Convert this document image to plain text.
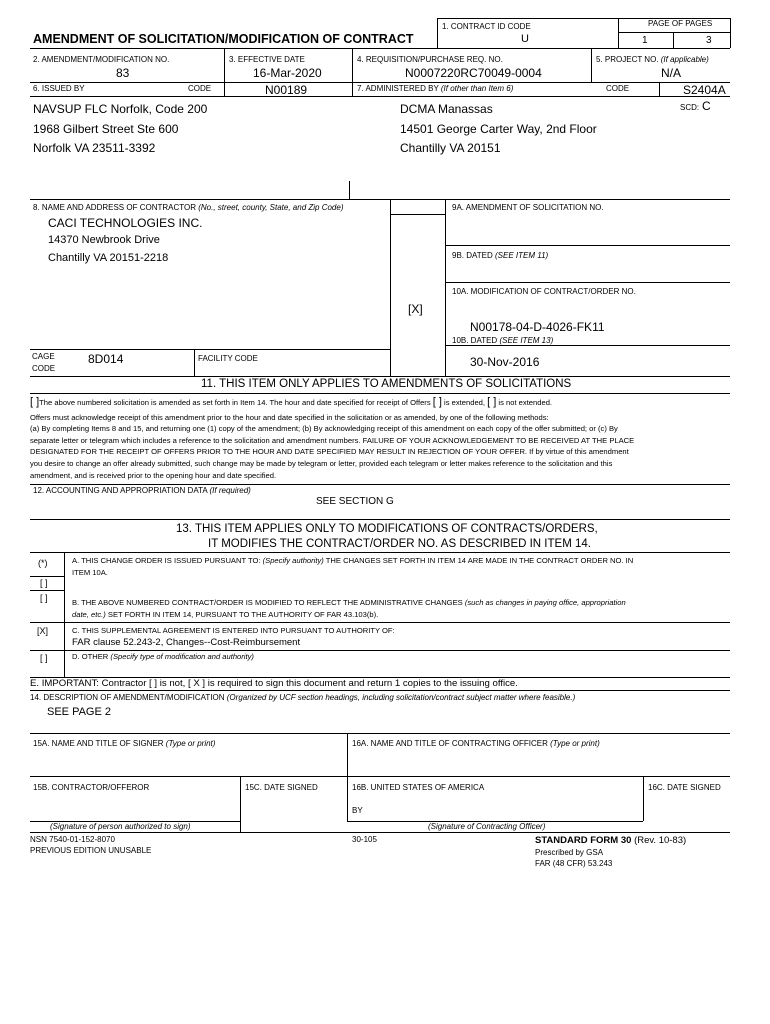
AMENDMENT OF SOLICITATION/MODIFICATION OF CONTRACT
1. CONTRACT ID CODE
U
PAGE OF PAGES
1	3
2. AMENDMENT/MODIFICATION NO.
83
3. EFFECTIVE DATE
16-Mar-2020
4. REQUISITION/PURCHASE REQ. NO.
N0007220RC70049-0004
5. PROJECT NO. (If applicable)
N/A
6. ISSUED BY	CODE	N00189	7. ADMINISTERED BY (If other than Item 6)	CODE	S2404A
SCD: C
NAVSUP FLC Norfolk, Code 200
1968 Gilbert Street Ste 600
Norfolk VA 23511-3392
DCMA Manassas
14501 George Carter Way, 2nd Floor
Chantilly VA 20151
8. NAME AND ADDRESS OF CONTRACTOR (No., street, county, State, and Zip Code)
CACI TECHNOLOGIES INC.
14370 Newbrook Drive
Chantilly VA 20151-2218
[X]
CAGE
CODE
8D014	FACILITY CODE
9A. AMENDMENT OF SOLICITATION NO.
9B. DATED (SEE ITEM 11)
10A. MODIFICATION OF CONTRACT/ORDER NO.
N00178-04-D-4026-FK11
10B. DATED (SEE ITEM 13)
30-Nov-2016
11. THIS ITEM ONLY APPLIES TO AMENDMENTS OF SOLICITATIONS
[ ]The above numbered solicitation is amended as set forth in Item 14. The hour and date specified for receipt of Offers [ ] is extended, [ ] is not extended.
Offers must acknowledge receipt of this amendment prior to the hour and date specified in the solicitation or as amended, by one of the following methods:
(a) By completing Items 8 and 15, and returning one (1) copy of the amendment; (b) By acknowledging receipt of this amendment on each copy of the offer submitted; or (c) By
separate letter or telegram which includes a reference to the solicitation and amendment numbers. FAILURE OF YOUR ACKNOWLEDGEMENT TO BE RECEIVED AT THE PLACE
DESIGNATED FOR THE RECEIPT OF OFFERS PRIOR TO THE HOUR AND DATE SPECIFIED MAY RESULT IN REJECTION OF YOUR OFFER. If by virtue of this amendment
you desire to change an offer already submitted, such change may be made by telegram or letter, provided each telegram or letter makes reference to the solicitation and this
amendment, and is received prior to the opening hour and date specified.
12. ACCOUNTING AND APPROPRIATION DATA (If required)
SEE SECTION G
13. THIS ITEM APPLIES ONLY TO MODIFICATIONS OF CONTRACTS/ORDERS,
IT MODIFIES THE CONTRACT/ORDER NO. AS DESCRIBED IN ITEM 14.
(*)	A. THIS CHANGE ORDER IS ISSUED PURSUANT TO: (Specify authority) THE CHANGES SET FORTH IN ITEM 14 ARE MADE IN THE CONTRACT ORDER NO. IN
ITEM 10A.
[ ]
[ ]	B. THE ABOVE NUMBERED CONTRACT/ORDER IS MODIFIED TO REFLECT THE ADMINISTRATIVE CHANGES (such as changes in paying office, appropriation
date, etc.) SET FORTH IN ITEM 14, PURSUANT TO THE AUTHORITY OF FAR 43.103(b).
[X]	C. THIS SUPPLEMENTAL AGREEMENT IS ENTERED INTO PURSUANT TO AUTHORITY OF:
FAR clause 52.243-2, Changes--Cost-Reimbursement
[ ]	D. OTHER (Specify type of modification and authority)
E. IMPORTANT: Contractor [ ] is not, [ X ] is required to sign this document and return 1 copies to the issuing office.
14. DESCRIPTION OF AMENDMENT/MODIFICATION (Organized by UCF section headings, including solicitation/contract subject matter where feasible.)
SEE PAGE 2
15A. NAME AND TITLE OF SIGNER (Type or print)	16A. NAME AND TITLE OF CONTRACTING OFFICER (Type or print)
15B. CONTRACTOR/OFFEROR	15C. DATE SIGNED	16B. UNITED STATES OF AMERICA	16C. DATE SIGNED
BY
(Signature of person authorized to sign)	(Signature of Contracting Officer)
NSN 7540-01-152-8070
PREVIOUS EDITION UNUSABLE
30-105	STANDARD FORM 30 (Rev. 10-83)
Prescribed by GSA
FAR (48 CFR) 53.243
